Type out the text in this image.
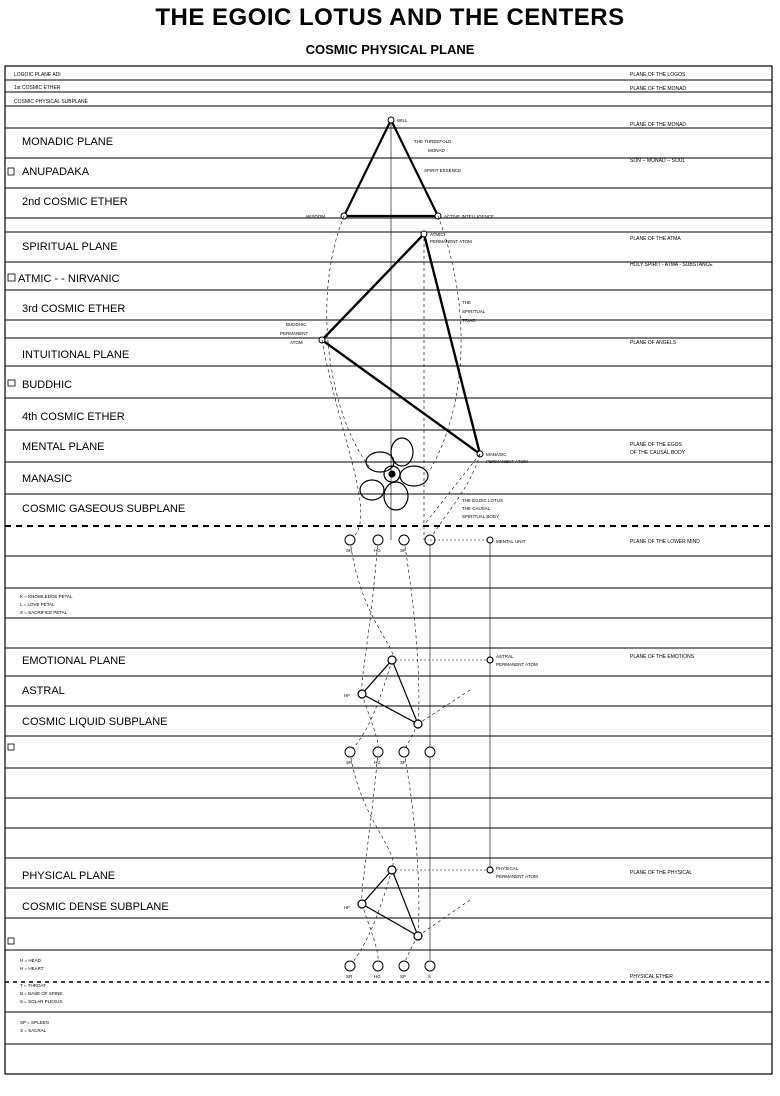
THE EGOIC LOTUS AND THE CENTERS
COSMIC PHYSICAL PLANE
LOGOIC PLANE ADI
1st COSMIC ETHER
COSMIC PHYSICAL SUBPLANE
MONADIC PLANE
ANUPADAKA
2nd COSMIC ETHER
SPIRITUAL PLANE
ATMIC - - NIRVANIC
3rd COSMIC ETHER
INTUITIONAL PLANE
BUDDHIC
4th COSMIC ETHER
MENTAL PLANE
MANASIC
COSMIC GASEOUS SUBPLANE
EMOTIONAL PLANE
ASTRAL
COSMIC LIQUID SUBPLANE
PHYSICAL PLANE
COSMIC DENSE SUBPLANE
PLANE OF THE LOGOS
PLANE OF THE MONAD
PLANE OF THE MONAD
SON -- MONAD -- SOUL
PLANE OF THE ATMA
HOLY SPIRIT - ATMA - SUBSTANCE
PLANE OF ANGELS
PLANE OF THE EGOS
OF THE CAUSAL BODY
PLANE OF THE LOWER MIND
PLANE OF THE EMOTIONS
PLANE OF THE PHYSICAL
PHYSICAL ETHER
WILL
THE THREEFOLD
MONAD
SPIRIT ESSENCE
WISDOM	ACTIVE INTELLIGENCE
ATMIC
PERMANENT ATOM
THE
SPIRITUAL
TRIAD
BUDDHIC
PERMANENT
ATOM
MANASIC
PERMANENT ATOM
THE EGOIC LOTUS
THE CAUSAL
SPIRITUAL BODY
MENTAL UNIT
ASTRAL
PERMANENT ATOM
PHYSICAL
PERMANENT ATOM
HF
HF
K = KNOWLEDGE PETAL
L = LOVE PETAL
S = SACRIFICE PETAL
H = HEAD
H = HEART
T = THROAT
B = BASE OF SPINE
S = SOLAR PLEXUS
SP = SPLEEN
S = SACRAL
SR	HG	SP
SR	HG	SP
SR	HG	SP	S
